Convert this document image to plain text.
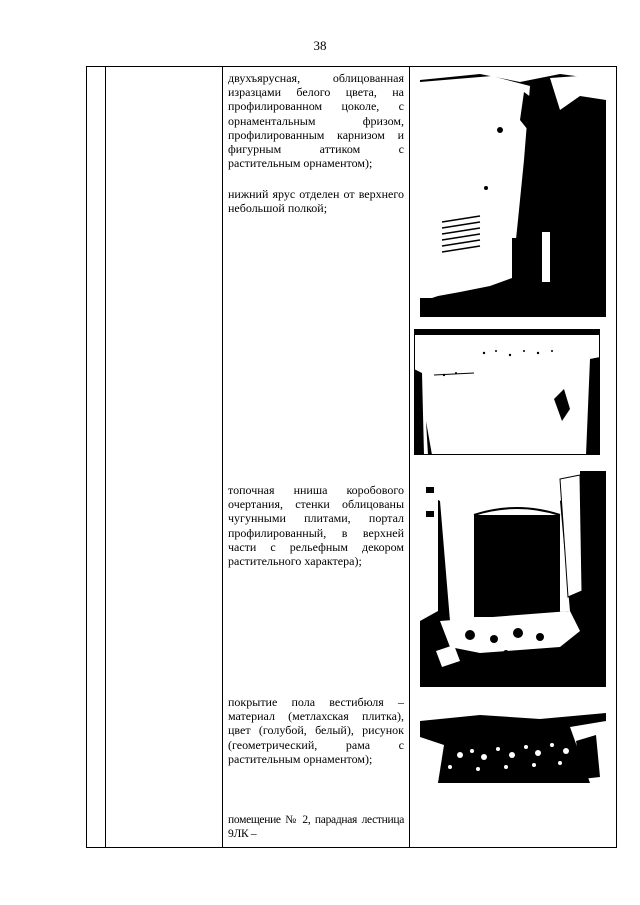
38

двухъярусная, облицованная изразцами белого цвета, на профилированном цоколе, с орнаментальным фризом, профилированным карнизом и фигурным аттиком с растительным орнаментом);
нижний ярус отделен от верхнего небольшой полкой;
топочная нниша коробового очертания, стенки облицованы чугунными плитами, портал профилированный, в верхней части с рельефным декором растительного характера);
покрытие пола вестибюля – материал (метлахская плитка), цвет (голубой, белый), рисунок (геометрический, рама с растительным орнаментом);
помещение № 2, парадная лестница 9ЛК –
